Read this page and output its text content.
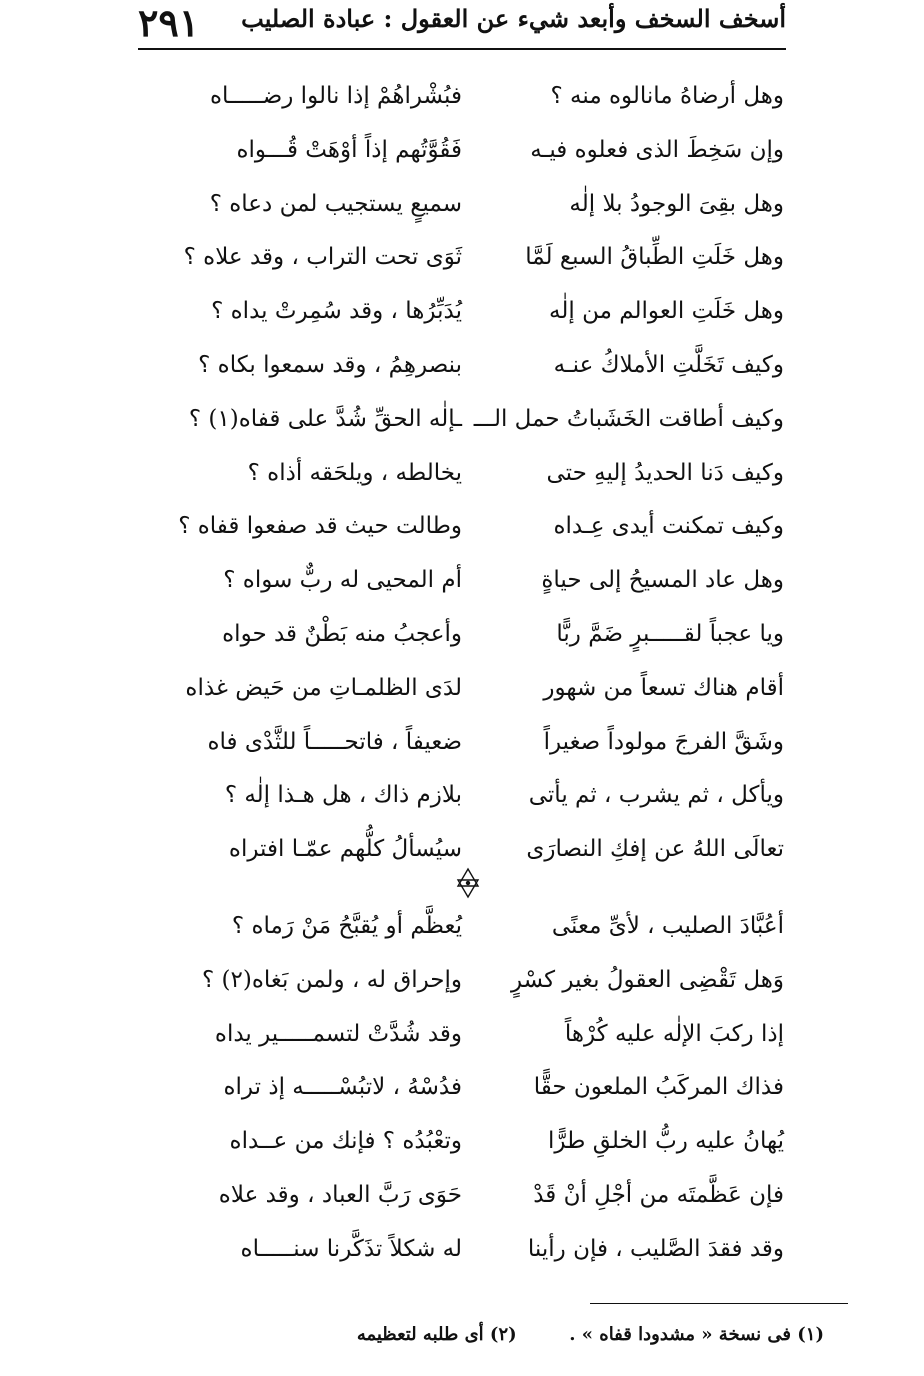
أسخف السخف وأبعد شيء عن العقول : عبادة الصليب
٢٩١
وهل أرضاهُ مانالوه منه ؟
فبُشْراهُمْ إذا نالوا رضـــــاه
وإن سَخِطَ الذى فعلوه فيـه
فَقُوَّتُهم إذاً أوْهَتْ قُـــواه
وهل بقِىَ الوجودُ بلا إلٰه
سميعٍ يستجيب لمن دعاه ؟
وهل خَلَتِ الطِّباقُ السبع لَمَّا
ثَوَى تحت التراب ، وقد علاه ؟
وهل خَلَتِ العوالم من إلٰه
يُدَبِّرُها ، وقد سُمِرتْ يداه ؟
وكيف تَخَلَّتِ الأملاكُ عنـه
بنصرهِمُ ، وقد سمعوا بكاه ؟
وكيف أطاقت الخَشَباتُ حمل الـــ
ـإلٰه الحقِّ شُدَّ على قفاه(١) ؟
وكيف دَنا الحديدُ إليهِ حتى
يخالطه ، ويلحَقه أذاه ؟
وكيف تمكنت أيدى عِـداه
وطالت حيث قد صفعوا قفاه ؟
وهل عاد المسيحُ إلى حياةٍ
أم المحيى له ربٌّ سواه ؟
ويا عجباً لقـــــبرٍ ضَمَّ ربًّا
وأعجبُ منه بَطْنٌ قد حواه
أقام هناك تسعاً من شهور
لدَى الظلمـاتِ من حَيض غذاه
وشَقَّ الفرجَ مولوداً صغيراً
ضعيفاً ، فاتحـــــاً للثَّدْى فاه
ويأكل ، ثم يشرب ، ثم يأتى
بلازم ذاك ، هل هـذا إلٰه ؟
تعالَى اللهُ عن إفكِ النصارَى
سيُسألُ كلُّهم عمّـا افتراه
أعُبَّادَ الصليب ، لأىِّ معنًى
يُعظَّم أو يُقبَّحُ مَنْ رَماه ؟
وَهل تَقْضِى العقولُ بغير كسْرٍ
وإحراق له ، ولمن بَغاه(٢) ؟
إذا ركبَ الإلٰه عليه كُرْهاً
وقد شُدَّتْ لتسمـــــير يداه
فذاك المركَبُ الملعون حقًّا
فدُسْهُ ، لاتبُسْـــــه إذ تراه
يُهانُ عليه ربُّ الخلقِ طرًّا
وتعْبُدُه ؟ فإنك من عــداه
فإن عَظَّمتَه من أجْلِ أنْ قَدْ
حَوَى رَبَّ العباد ، وقد علاه
وقد فقدَ الصَّليب ، فإن رأينا
له شكلاً تذَكَّرنا سنـــــاه
(١) فى نسخة « مشدودا قفاه » .  (٢) أى طلبه لتعظيمه
